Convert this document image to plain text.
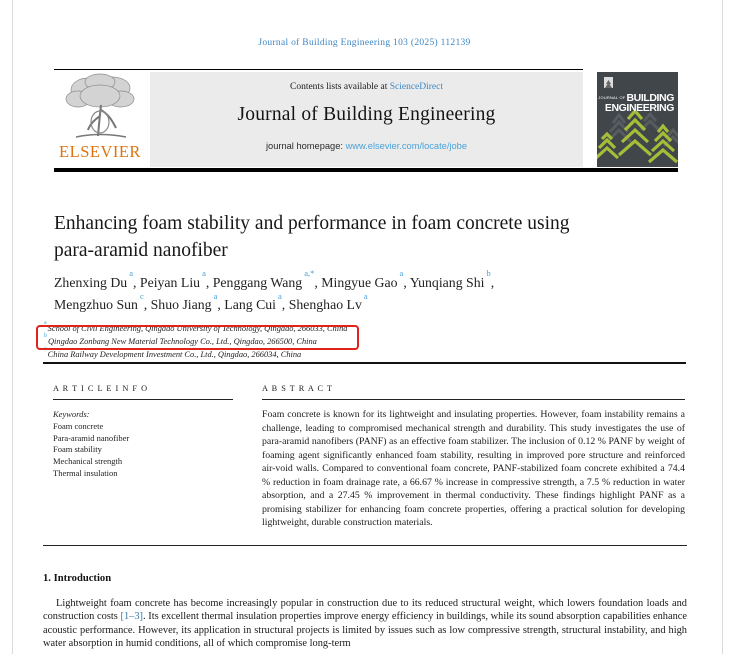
Journal of Building Engineering 103 (2025) 112139
ELSEVIER
Contents lists available at ScienceDirect
Journal of Building Engineering
journal homepage: www.elsevier.com/locate/jobe
JOURNAL OFBUILDING
ENGINEERING
Enhancing foam stability and performance in foam concrete using
para-aramid nanofiber
Zhenxing Du$^a$, Peiyan Liu$^a$, Penggang Wang$^{a,*}$, Mingyue Gao$^a$, Yunqiang Shi$^b$,
Mengzhuo Sun$^c$, Shuo Jiang$^a$, Lang Cui$^a$, Shenghao Lv$^a$
$^a$School of Civil Engineering, Qingdao University of Technology, Qingdao, 266033, China
$^b$Qingdao Zonbang New Material Technology Co., Ltd., Qingdao, 266500, China
$^c$China Railway Development Investment Co., Ltd., Qingdao, 266034, China
A R T I C L E I N F O
Keywords:
Foam concrete
Para-aramid nanofiber
Foam stability
Mechanical strength
Thermal insulation
A B S T R A C T
Foam concrete is known for its lightweight and insulating properties. However, foam instability remains a challenge, leading to compromised mechanical strength and durability. This study investigates the use of para-aramid nanofibers (PANF) as an effective foam stabilizer. The inclusion of 0.12 % PANF by weight of foaming agent significantly enhanced foam stability, resulting in improved pore structure and reinforced air-void walls. Compared to conventional foam concrete, PANF-stabilized foam concrete exhibited a 74.4 % reduction in foam drainage rate, a 66.67 % increase in compressive strength, a 7.5 % reduction in water absorption, and a 27.45 % improvement in thermal conductivity. These findings highlight PANF as a promising stabilizer for enhancing foam concrete properties, offering a practical solution for developing lightweight, durable construction materials.
1. Introduction
Lightweight foam concrete has become increasingly popular in construction due to its reduced structural weight, which lowers foundation loads and construction costs [1–3]. Its excellent thermal insulation properties improve energy efficiency in buildings, while its sound absorption capabilities enhance acoustic performance. However, its application in structural projects is limited by issues such as low compressive strength, structural instability, and high water absorption in humid conditions, all of which compromise long-term
